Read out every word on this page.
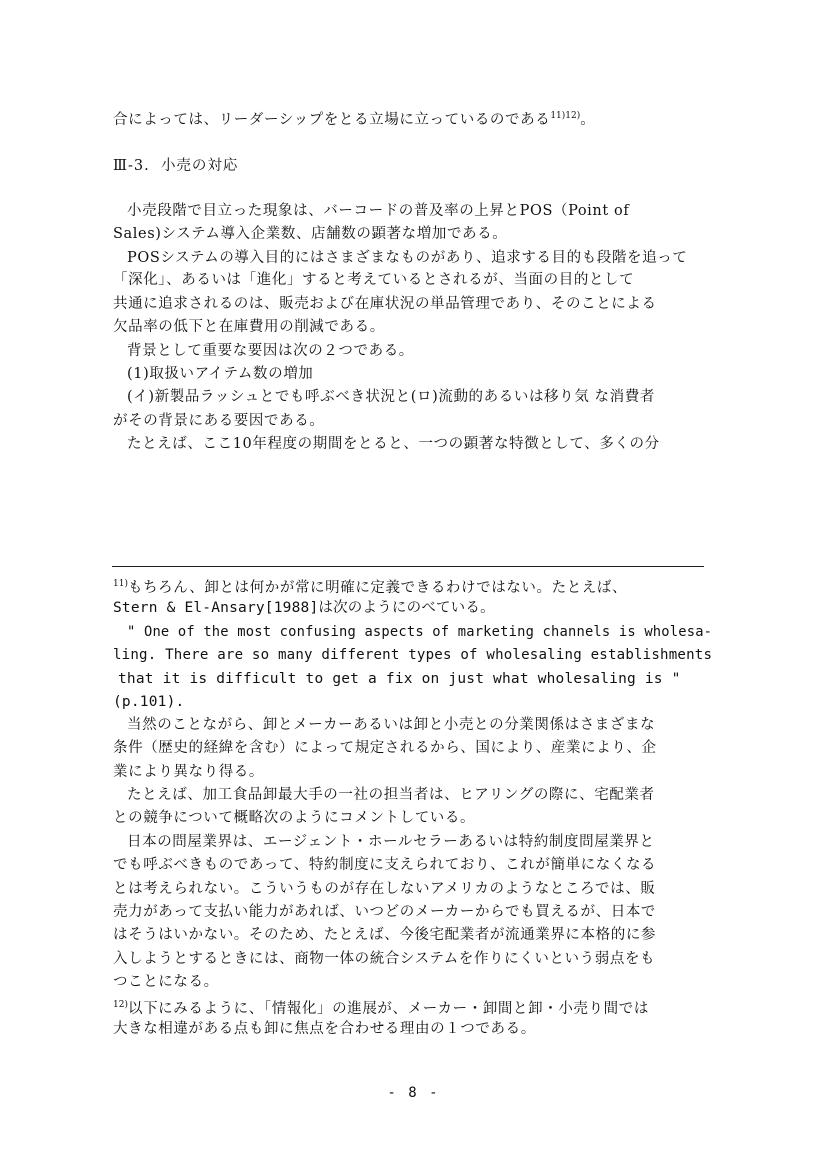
合によっては、リーダーシップをとる立場に立っているのである$^{11)12)}$。
Ⅲ-3. 小売の対応
小売段階で目立った現象は、バーコードの普及率の上昇とPOS（Point of
Sales)システム導入企業数、店舗数の顕著な増加である。
POSシステムの導入目的にはさまざまなものがあり、追求する目的も段階を追って
「深化」、あるいは「進化」すると考えているとされるが、当面の目的として
共通に追求されるのは、販売および在庫状況の単品管理であり、そのことによる
欠品率の低下と在庫費用の削減である。
背景として重要な要因は次の２つである。
(1)取扱いアイテム数の増加
(イ)新製品ラッシュとでも呼ぶべき状況と(ロ)流動的あるいは移り気 な消費者
がその背景にある要因である。
たとえば、ここ10年程度の期間をとると、一つの顕著な特徴として、多くの分
$^{11)}$もちろん、卸とは何かが常に明確に定義できるわけではない。たとえば、
Stern & El-Ansary[1988]は次のようにのべている。
" One of the most confusing aspects of marketing channels is wholesa-
ling. There are so many different types of wholesaling establishments
that it is difficult to get a fix on just what wholesaling is "
(p.101).
当然のことながら、卸とメーカーあるいは卸と小売との分業関係はさまざまな
条件（歴史的経緯を含む）によって規定されるから、国により、産業により、企
業により異なり得る。
たとえば、加工食品卸最大手の一社の担当者は、ヒアリングの際に、宅配業者
との競争について概略次のようにコメントしている。
日本の問屋業界は、エージェント・ホールセラーあるいは特約制度問屋業界と
でも呼ぶべきものであって、特約制度に支えられており、これが簡単になくなる
とは考えられない。こういうものが存在しないアメリカのようなところでは、販
売力があって支払い能力があれば、いつどのメーカーからでも買えるが、日本で
はそうはいかない。そのため、たとえば、今後宅配業者が流通業界に本格的に参
入しようとするときには、商物一体の統合システムを作りにくいという弱点をも
つことになる。
$^{12)}$以下にみるように、「情報化」の進展が、メーカー・卸間と卸・小売り間では
大きな相違がある点も卸に焦点を合わせる理由の１つである。
- 8 -
